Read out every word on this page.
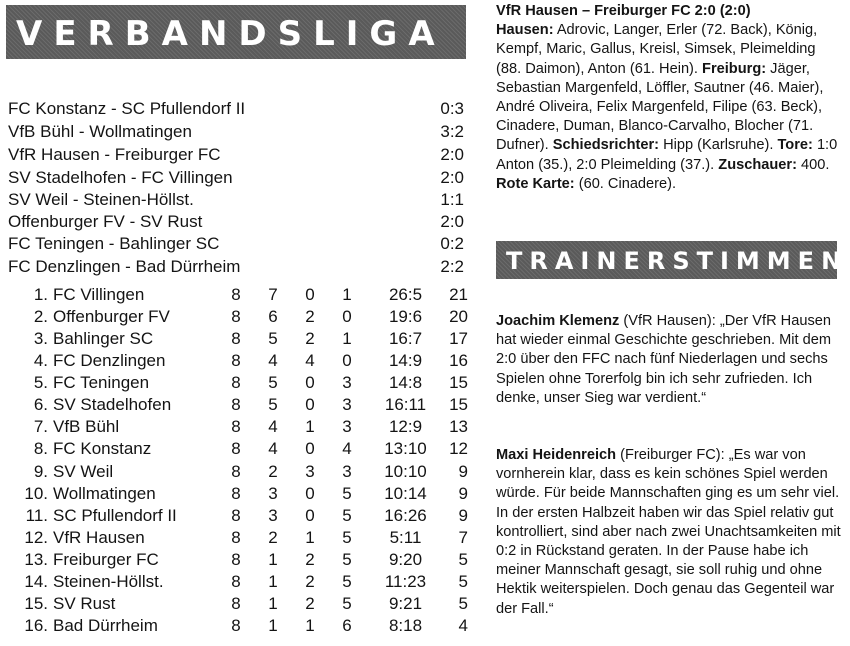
VERBANDSLIGA
FC Konstanz - SC Pfullendorf II	0:3
VfB Bühl - Wollmatingen	3:2
VfR Hausen - Freiburger FC	2:0
SV Stadelhofen - FC Villingen	2:0
SV Weil - Steinen-Höllst.	1:1
Offenburger FV - SV Rust	2:0
FC Teningen - Bahlinger SC	0:2
FC Denzlingen - Bad Dürrheim	2:2
1. FC Villingen	8	7	0	1	26:5	21
2. Offenburger FV	8	6	2	0	19:6	20
3. Bahlinger SC	8	5	2	1	16:7	17
4. FC Denzlingen	8	4	4	0	14:9	16
5. FC Teningen	8	5	0	3	14:8	15
6. SV Stadelhofen	8	5	0	3	16:11	15
7. VfB Bühl	8	4	1	3	12:9	13
8. FC Konstanz	8	4	0	4	13:10	12
9. SV Weil	8	2	3	3	10:10	9
10. Wollmatingen	8	3	0	5	10:14	9
11. SC Pfullendorf II	8	3	0	5	16:26	9
12. VfR Hausen	8	2	1	5	5:11	7
13. Freiburger FC	8	1	2	5	9:20	5
14. Steinen-Höllst.	8	1	2	5	11:23	5
15. SV Rust	8	1	2	5	9:21	5
16. Bad Dürrheim	8	1	1	6	8:18	4

VfR Hausen – Freiburger FC 2:0 (2:0)
Hausen: Adrovic, Langer, Erler (72. Back), König, Kempf, Maric, Gallus, Kreisl, Simsek, Pleimelding (88. Daimon), Anton (61. Hein). Freiburg: Jäger, Sebastian Margenfeld, Löffler, Sautner (46. Maier), André Oliveira, Felix Margenfeld, Filipe (63. Beck), Cinadere, Duman, Blanco-Carvalho, Blocher (71. Dufner). Schiedsrichter: Hipp (Karlsruhe). Tore: 1:0 Anton (35.), 2:0 Pleimelding (37.). Zuschauer: 400. Rote Karte: (60. Cinadere).

TRAINERSTIMMEN

Joachim Klemenz (VfR Hausen): „Der VfR Hausen hat wieder einmal Geschichte geschrieben. Mit dem 2:0 über den FFC nach fünf Niederlagen und sechs Spielen ohne Torerfolg bin ich sehr zufrieden. Ich denke, unser Sieg war verdient.“

Maxi Heidenreich (Freiburger FC): „Es war von vornherein klar, dass es kein schönes Spiel werden würde. Für beide Mannschaften ging es um sehr viel. In der ersten Halbzeit haben wir das Spiel relativ gut kontrolliert, sind aber nach zwei Unachtsamkeiten mit 0:2 in Rückstand geraten. In der Pause habe ich meiner Mannschaft gesagt, sie soll ruhig und ohne Hektik weiterspielen. Doch genau das Gegenteil war der Fall.“
